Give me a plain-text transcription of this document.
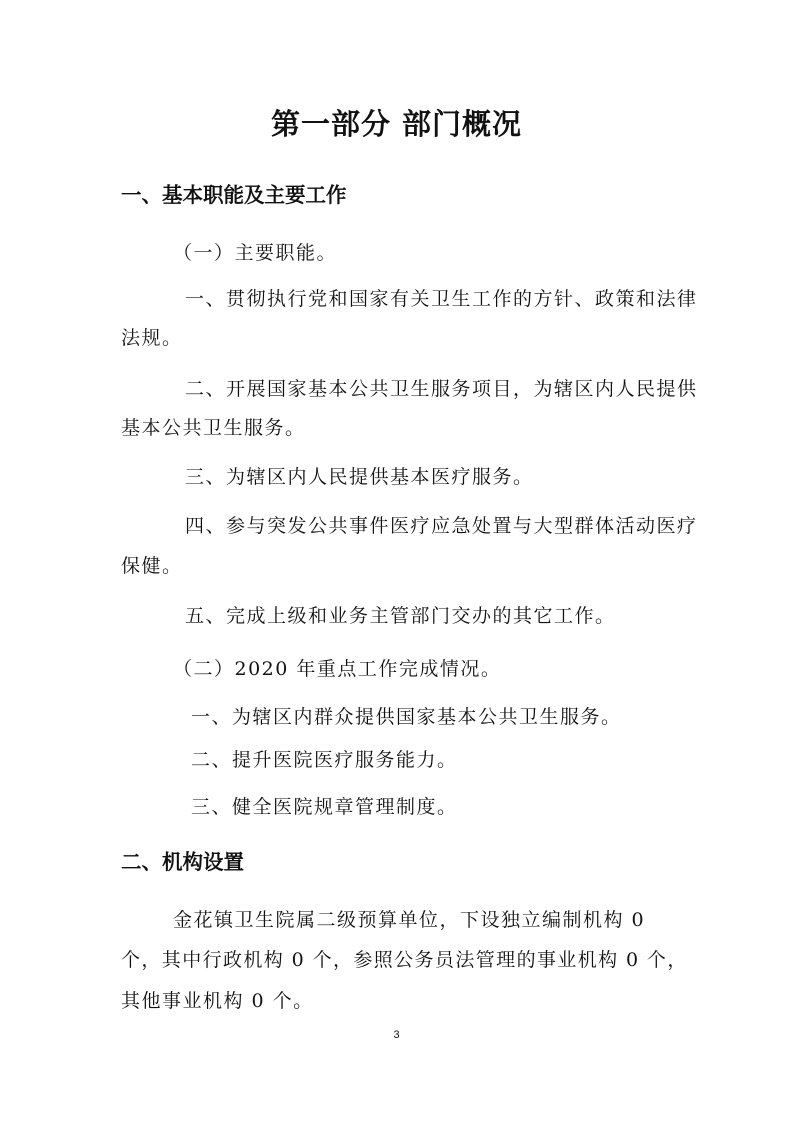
第一部分 部门概况
一、基本职能及主要工作
（一）主要职能。
一、贯彻执行党和国家有关卫生工作的方针、政策和法律
法规。
二、开展国家基本公共卫生服务项目，为辖区内人民提供
基本公共卫生服务。
三、为辖区内人民提供基本医疗服务。
四、参与突发公共事件医疗应急处置与大型群体活动医疗
保健。
五、完成上级和业务主管部门交办的其它工作。
（二）2020 年重点工作完成情况。
一、为辖区内群众提供国家基本公共卫生服务。
二、提升医院医疗服务能力。
三、健全医院规章管理制度。
二、机构设置
金花镇卫生院属二级预算单位，下设独立编制机构 0
个，其中行政机构 0 个，参照公务员法管理的事业机构 0 个，
其他事业机构 0 个。
3
